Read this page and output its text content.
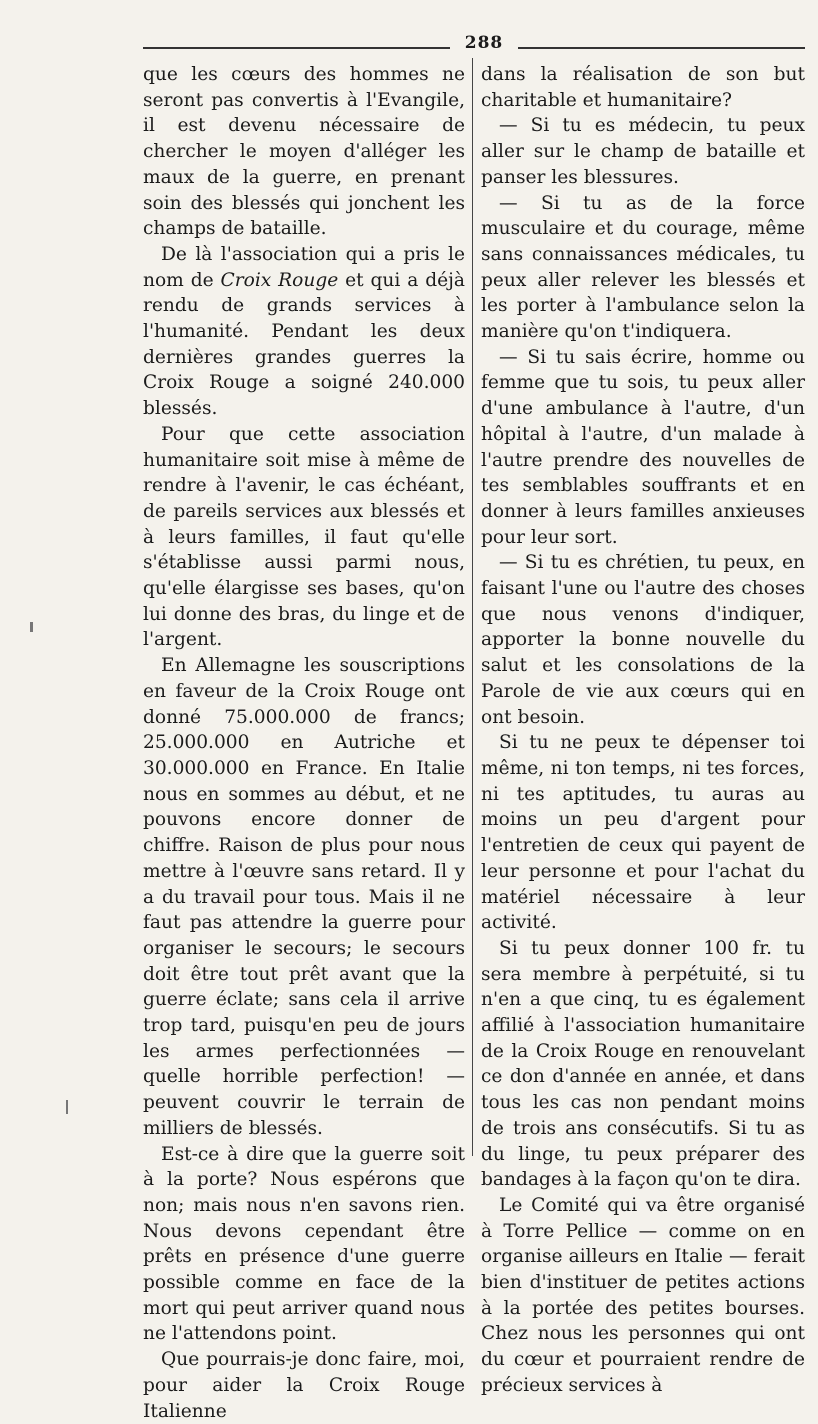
288

que les cœurs des hommes ne seront pas convertis à l'Evangile, il est devenu nécessaire de chercher le moyen d'alléger les maux de la guerre, en prenant soin des blessés qui jonchent les champs de bataille.

De là l'association qui a pris le nom de Croix Rouge et qui a déjà rendu de grands services à l'humanité. Pendant les deux dernières grandes guerres la Croix Rouge a soigné 240.000 blessés.

Pour que cette association humanitaire soit mise à même de rendre à l'avenir, le cas échéant, de pareils services aux blessés et à leurs familles, il faut qu'elle s'établisse aussi parmi nous, qu'elle élargisse ses bases, qu'on lui donne des bras, du linge et de l'argent.

En Allemagne les souscriptions en faveur de la Croix Rouge ont donné 75.000.000 de francs; 25.000.000 en Autriche et 30.000.000 en France. En Italie nous en sommes au début, et ne pouvons encore donner de chiffre. Raison de plus pour nous mettre à l'œuvre sans retard. Il y a du travail pour tous. Mais il ne faut pas attendre la guerre pour organiser le secours; le secours doit être tout prêt avant que la guerre éclate; sans cela il arrive trop tard, puisqu'en peu de jours les armes perfectionnées — quelle horrible perfection! — peuvent couvrir le terrain de milliers de blessés.

Est-ce à dire que la guerre soit à la porte? Nous espérons que non; mais nous n'en savons rien. Nous devons cependant être prêts en présence d'une guerre possible comme en face de la mort qui peut arriver quand nous ne l'attendons point.

Que pourrais-je donc faire, moi, pour aider la Croix Rouge Italienne

dans la réalisation de son but charitable et humanitaire?

— Si tu es médecin, tu peux aller sur le champ de bataille et panser les blessures.

— Si tu as de la force musculaire et du courage, même sans connaissances médicales, tu peux aller relever les blessés et les porter à l'ambulance selon la manière qu'on t'indiquera.

— Si tu sais écrire, homme ou femme que tu sois, tu peux aller d'une ambulance à l'autre, d'un hôpital à l'autre, d'un malade à l'autre prendre des nouvelles de tes semblables souffrants et en donner à leurs familles anxieuses pour leur sort.

— Si tu es chrétien, tu peux, en faisant l'une ou l'autre des choses que nous venons d'indiquer, apporter la bonne nouvelle du salut et les consolations de la Parole de vie aux cœurs qui en ont besoin.

Si tu ne peux te dépenser toi même, ni ton temps, ni tes forces, ni tes aptitudes, tu auras au moins un peu d'argent pour l'entretien de ceux qui payent de leur personne et pour l'achat du matériel nécessaire à leur activité.

Si tu peux donner 100 fr. tu sera membre à perpétuité, si tu n'en a que cinq, tu es également affilié à l'association humanitaire de la Croix Rouge en renouvelant ce don d'année en année, et dans tous les cas non pendant moins de trois ans consécutifs. Si tu as du linge, tu peux préparer des bandages à la façon qu'on te dira.

Le Comité qui va être organisé à Torre Pellice — comme on en organise ailleurs en Italie — ferait bien d'instituer de petites actions à la portée des petites bourses. Chez nous les personnes qui ont du cœur et pourraient rendre de précieux services à
